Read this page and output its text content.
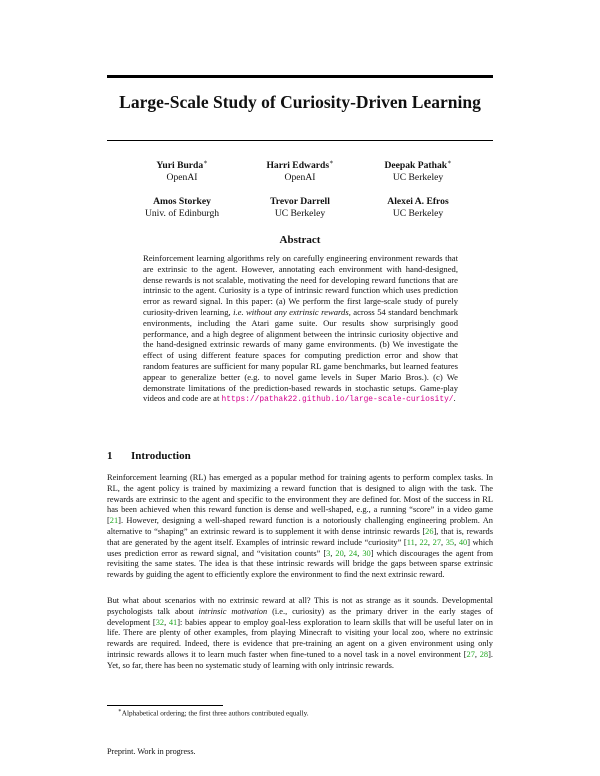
Large-Scale Study of Curiosity-Driven Learning
Yuri Burda∗
OpenAI
Harri Edwards∗
OpenAI
Deepak Pathak∗
UC Berkeley
Amos Storkey
Univ. of Edinburgh
Trevor Darrell
UC Berkeley
Alexei A. Efros
UC Berkeley
Abstract

Reinforcement learning algorithms rely on carefully engineering environment rewards that are extrinsic to the agent. However, annotating each environment with hand-designed, dense rewards is not scalable, motivating the need for developing reward functions that are intrinsic to the agent. Curiosity is a type of intrinsic reward function which uses prediction error as reward signal. In this paper: (a) We perform the first large-scale study of purely curiosity-driven learning, i.e. without any extrinsic rewards, across 54 standard benchmark environments, including the Atari game suite. Our results show surprisingly good performance, and a high degree of alignment between the intrinsic curiosity objective and the hand-designed extrinsic rewards of many game environments. (b) We investigate the effect of using different feature spaces for computing prediction error and show that random features are sufficient for many popular RL game benchmarks, but learned features appear to generalize better (e.g. to novel game levels in Super Mario Bros.). (c) We demonstrate limitations of the prediction-based rewards in stochastic setups. Game-play videos and code are at https://pathak22.github.io/large-scale-curiosity/.

1 Introduction

Reinforcement learning (RL) has emerged as a popular method for training agents to perform complex tasks. In RL, the agent policy is trained by maximizing a reward function that is designed to align with the task. The rewards are extrinsic to the agent and specific to the environment they are defined for. Most of the success in RL has been achieved when this reward function is dense and well-shaped, e.g., a running “score” in a video game [21]. However, designing a well-shaped reward function is a notoriously challenging engineering problem. An alternative to “shaping” an extrinsic reward is to supplement it with dense intrinsic rewards [26], that is, rewards that are generated by the agent itself. Examples of intrinsic reward include “curiosity” [11, 22, 27, 35, 40] which uses prediction error as reward signal, and “visitation counts” [3, 20, 24, 30] which discourages the agent from revisiting the same states. The idea is that these intrinsic rewards will bridge the gaps between sparse extrinsic rewards by guiding the agent to efficiently explore the environment to find the next extrinsic reward.

But what about scenarios with no extrinsic reward at all? This is not as strange as it sounds. Developmental psychologists talk about intrinsic motivation (i.e., curiosity) as the primary driver in the early stages of development [32, 41]: babies appear to employ goal-less exploration to learn skills that will be useful later on in life. There are plenty of other examples, from playing Minecraft to visiting your local zoo, where no extrinsic rewards are required. Indeed, there is evidence that pre-training an agent on a given environment using only intrinsic rewards allows it to learn much faster when fine-tuned to a novel task in a novel environment [27, 28]. Yet, so far, there has been no systematic study of learning with only intrinsic rewards.

∗Alphabetical ordering; the first three authors contributed equally.

Preprint. Work in progress.
